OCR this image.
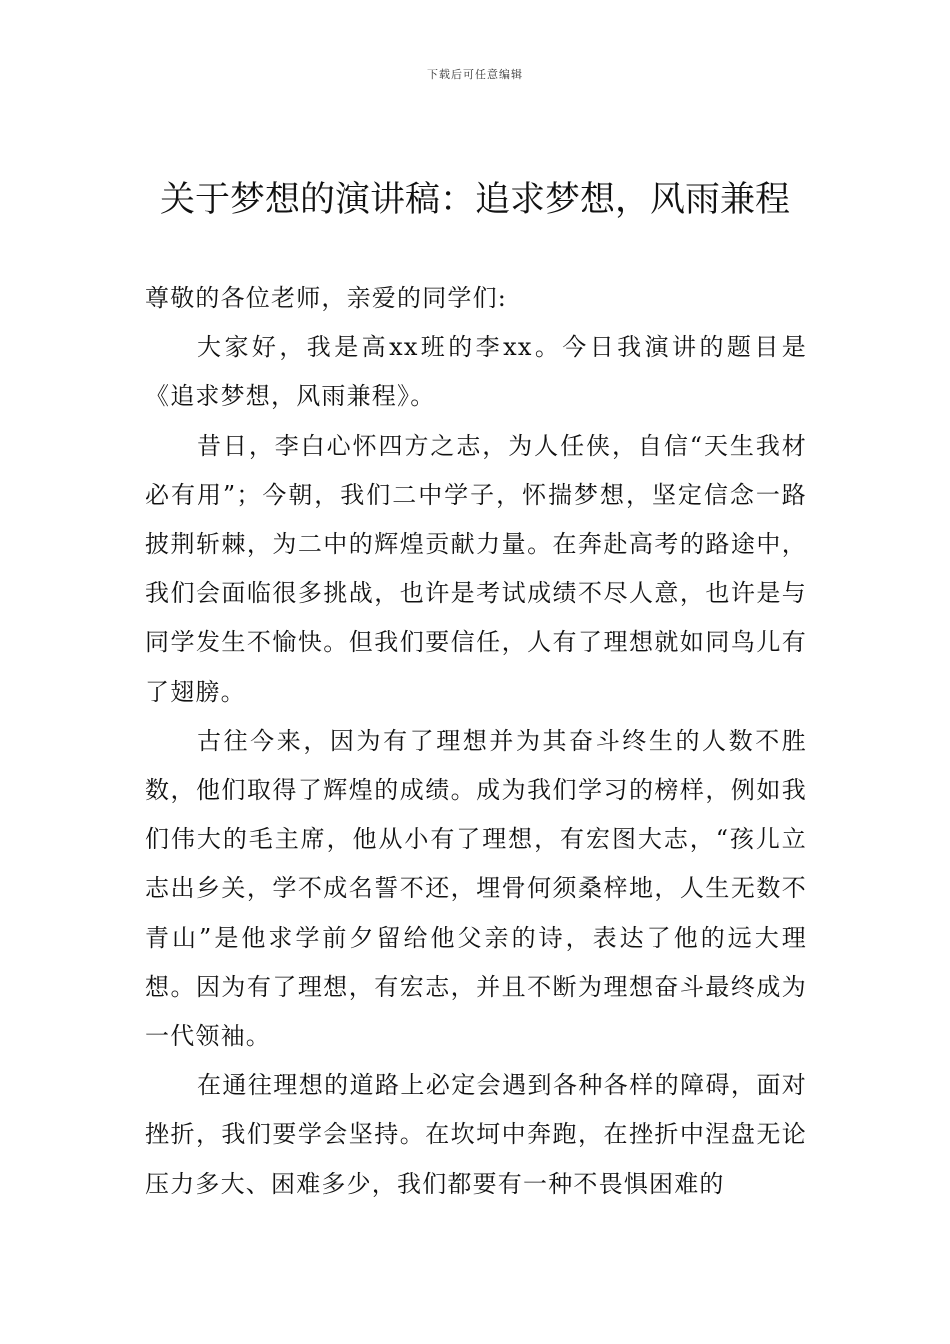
下载后可任意编辑
关于梦想的演讲稿：追求梦想，风雨兼程

尊敬的各位老师，亲爱的同学们:

大家好，我是高xx班的李xx。今日我演讲的题目是《追求梦想，风雨兼程》。

昔日，李白心怀四方之志，为人任侠，自信“天生我材必有用”；今朝，我们二中学子，怀揣梦想，坚定信念一路披荆斩棘，为二中的辉煌贡献力量。在奔赴高考的路途中，我们会面临很多挑战，也许是考试成绩不尽人意，也许是与同学发生不愉快。但我们要信任，人有了理想就如同鸟儿有了翅膀。

古往今来，因为有了理想并为其奋斗终生的人数不胜数，他们取得了辉煌的成绩。成为我们学习的榜样，例如我们伟大的毛主席，他从小有了理想，有宏图大志，“孩儿立志出乡关，学不成名誓不还，埋骨何须桑梓地，人生无数不青山”是他求学前夕留给他父亲的诗，表达了他的远大理想。因为有了理想，有宏志，并且不断为理想奋斗最终成为一代领袖。

在通往理想的道路上必定会遇到各种各样的障碍，面对挫折，我们要学会坚持。在坎坷中奔跑，在挫折中涅盘无论压力多大、困难多少，我们都要有一种不畏惧困难的
